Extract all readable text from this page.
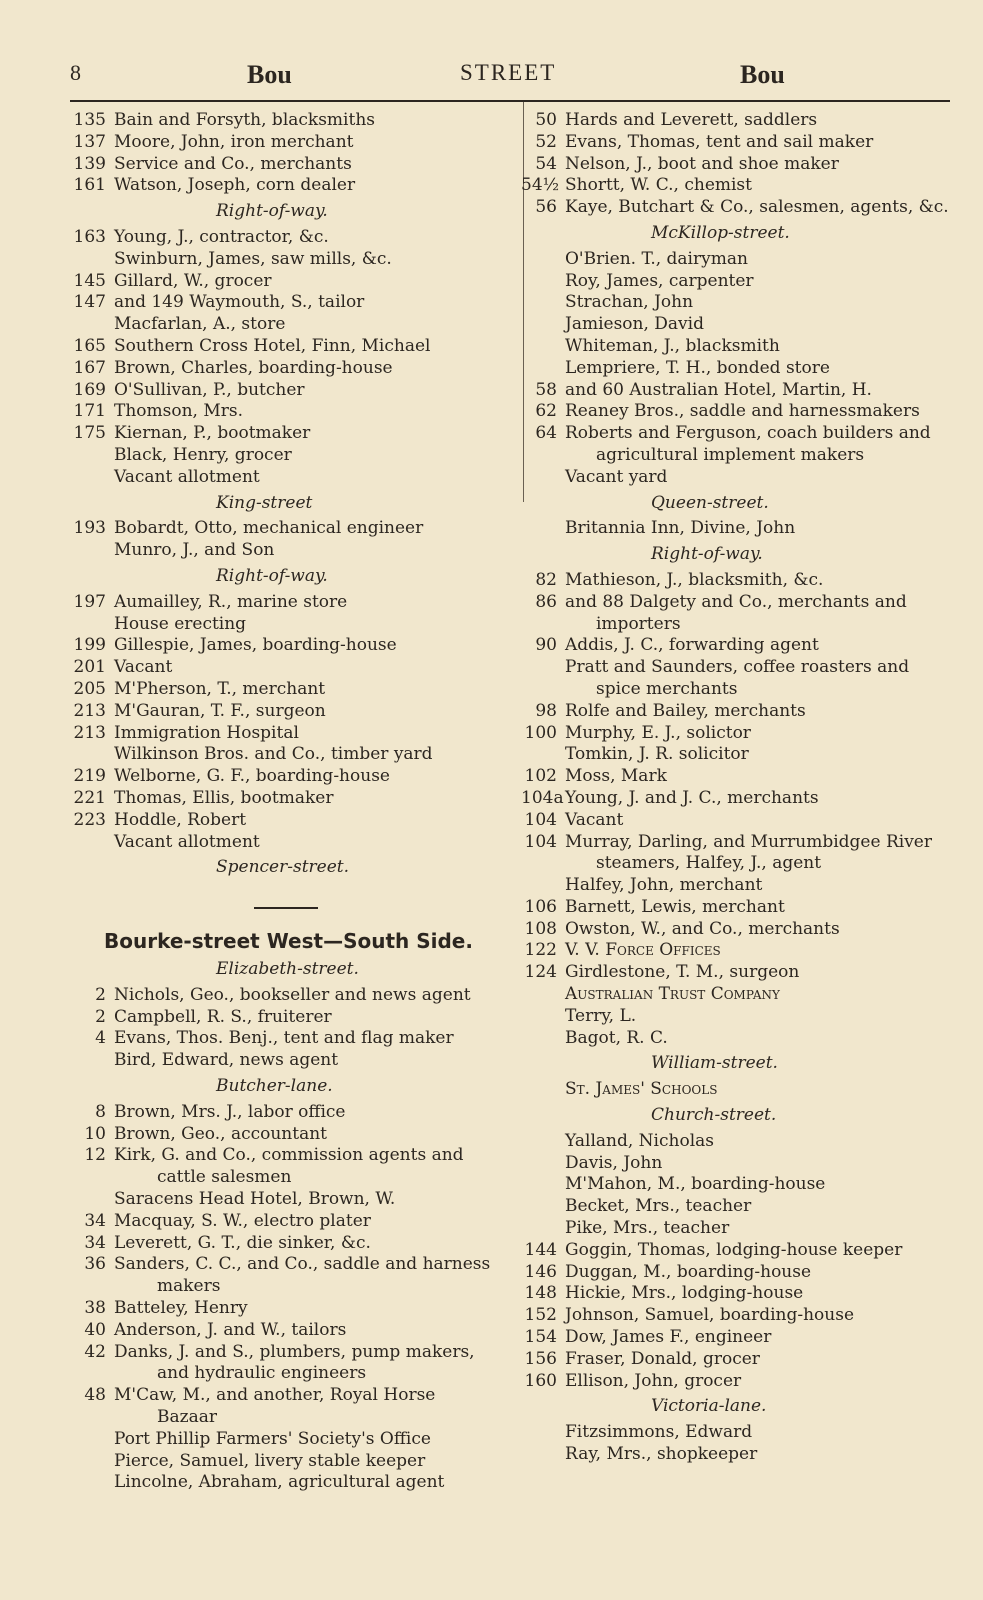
8	Bou	STREET	Bou
135 Bain and Forsyth, blacksmiths
137 Moore, John, iron merchant
139 Service and Co., merchants
161 Watson, Joseph, corn dealer
Right-of-way.
163 Young, J., contractor, &c.
Swinburn, James, saw mills, &c.
145 Gillard, W., grocer
147 and 149 Waymouth, S., tailor
Macfarlan, A., store
165 Southern Cross Hotel, Finn, Michael
167 Brown, Charles, boarding-house
169 O'Sullivan, P., butcher
171 Thomson, Mrs.
175 Kiernan, P., bootmaker
Black, Henry, grocer
Vacant allotment
King-street
193 Bobardt, Otto, mechanical engineer
Munro, J., and Son
Right-of-way.
197 Aumailley, R., marine store
House erecting
199 Gillespie, James, boarding-house
201 Vacant
205 M'Pherson, T., merchant
213 M'Gauran, T. F., surgeon
213 Immigration Hospital
Wilkinson Bros. and Co., timber yard
219 Welborne, G. F., boarding-house
221 Thomas, Ellis, bootmaker
223 Hoddle, Robert
Vacant allotment
Spencer-street.
Bourke-street West—South Side.
Elizabeth-street.
2 Nichols, Geo., bookseller and news agent
2 Campbell, R. S., fruiterer
4 Evans, Thos. Benj., tent and flag maker
Bird, Edward, news agent
Butcher-lane.
8 Brown, Mrs. J., labor office
10 Brown, Geo., accountant
12 Kirk, G. and Co., commission agents and
cattle salesmen
Saracens Head Hotel, Brown, W.
34 Macquay, S. W., electro plater
34 Leverett, G. T., die sinker, &c.
36 Sanders, C. C., and Co., saddle and harness
makers
38 Batteley, Henry
40 Anderson, J. and W., tailors
42 Danks, J. and S., plumbers, pump makers,
and hydraulic engineers
48 M'Caw, M., and another, Royal Horse
Bazaar
Port Phillip Farmers' Society's Office
Pierce, Samuel, livery stable keeper
Lincolne, Abraham, agricultural agent
50 Hards and Leverett, saddlers
52 Evans, Thomas, tent and sail maker
54 Nelson, J., boot and shoe maker
54½ Shortt, W. C., chemist
56 Kaye, Butchart & Co., salesmen, agents, &c.
McKillop-street.
O'Brien. T., dairyman
Roy, James, carpenter
Strachan, John
Jamieson, David
Whiteman, J., blacksmith
Lempriere, T. H., bonded store
58 and 60 Australian Hotel, Martin, H.
62 Reaney Bros., saddle and harnessmakers
64 Roberts and Ferguson, coach builders and
agricultural implement makers
Vacant yard
Queen-street.
Britannia Inn, Divine, John
Right-of-way.
82 Mathieson, J., blacksmith, &c.
86 and 88 Dalgety and Co., merchants and
importers
90 Addis, J. C., forwarding agent
Pratt and Saunders, coffee roasters and
spice merchants
98 Rolfe and Bailey, merchants
100 Murphy, E. J., solictor
Tomkin, J. R. solicitor
102 Moss, Mark
104aYoung, J. and J. C., merchants
104 Vacant
104 Murray, Darling, and Murrumbidgee River
steamers, Halfey, J., agent
Halfey, John, merchant
106 Barnett, Lewis, merchant
108 Owston, W., and Co., merchants
122 V. V. Force Offices
124 Girdlestone, T. M., surgeon
Australian Trust Company
Terry, L.
Bagot, R. C.
William-street.
St. James' Schools
Church-street.
Yalland, Nicholas
Davis, John
M'Mahon, M., boarding-house
Becket, Mrs., teacher
Pike, Mrs., teacher
144 Goggin, Thomas, lodging-house keeper
146 Duggan, M., boarding-house
148 Hickie, Mrs., lodging-house
152 Johnson, Samuel, boarding-house
154 Dow, James F., engineer
156 Fraser, Donald, grocer
160 Ellison, John, grocer
Victoria-lane.
Fitzsimmons, Edward
Ray, Mrs., shopkeeper
